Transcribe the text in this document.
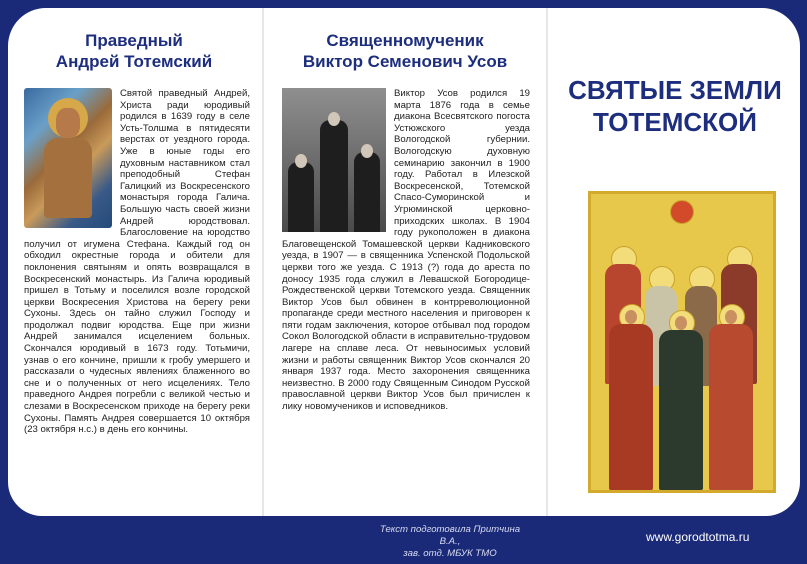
Праведный
Андрей Тотемский
Святой праведный Андрей, Христа ради юродивый родился в 1639 году в селе Усть-Толшма в пятидесяти верстах от уездного города. Уже в юные годы его духовным наставником стал преподобный Стефан Галицкий из Воскресенского монастыря города Галича. Большую часть своей жизни Андрей юродствовал. Благословение на юродство получил от игумена Стефана. Каждый год он обходил окрестные города и обители для поклонения святыням и опять возвращался в Воскресенский монастырь. Из Галича юродивый пришел в Тотьму и поселился возле городской церкви Воскресения Христова на берегу реки Сухоны. Здесь он тайно служил Господу и продолжал подвиг юродства. Еще при жизни Андрей занимался исцелением больных. Скончался юродивый в 1673 году. Тотьмичи, узнав о его кончине, пришли к гробу умершего и рассказали о чудесных явлениях блаженного во сне и о полученных от него исцелениях. Тело праведного Андрея погребли с великой честью и слезами в Воскресенском приходе на берегу реки Сухоны. Память Андрея совершается 10 октября (23 октября н.с.) в день его кончины.
Священномученик
Виктор Семенович Усов
Виктор Усов родился 19 марта 1876 года в семье диакона Всесвятского погоста Устюжского уезда Вологодской губернии. Вологодскую духовную семинарию закончил в 1900 году. Работал в Илезской Воскресенской, Тотемской Спасо-Суморинской и Угрюминской церковно-приходских школах. В 1904 году рукоположен в диакона Благовещенской Томашевской церкви Кадниковского уезда, в 1907 — в священника Успенской Подольской церкви того же уезда. С 1913 (?) года до ареста по доносу 1935 года служил в Левашской Богородице-Рождественской церкви Тотемского уезда. Священник Виктор Усов был обвинен в контрреволюционной пропаганде среди местного населения и приговорен к пяти годам заключения, которое отбывал под городом Сокол Вологодской области в исправительно-трудовом лагере на сплаве леса. От невыносимых условий жизни и работы священник Виктор Усов скончался 20 января 1937 года. Место захоронения священника неизвестно. В 2000 году Священным Синодом Русской православной церкви Виктор Усов был причислен к лику новомучеников и исповедников.
СВЯТЫЕ ЗЕМЛИ
ТОТЕМСКОЙ
Текст подготовила Притчина В.А.,
зав. отд. МБУК ТМО
www.gorodtotma.ru
